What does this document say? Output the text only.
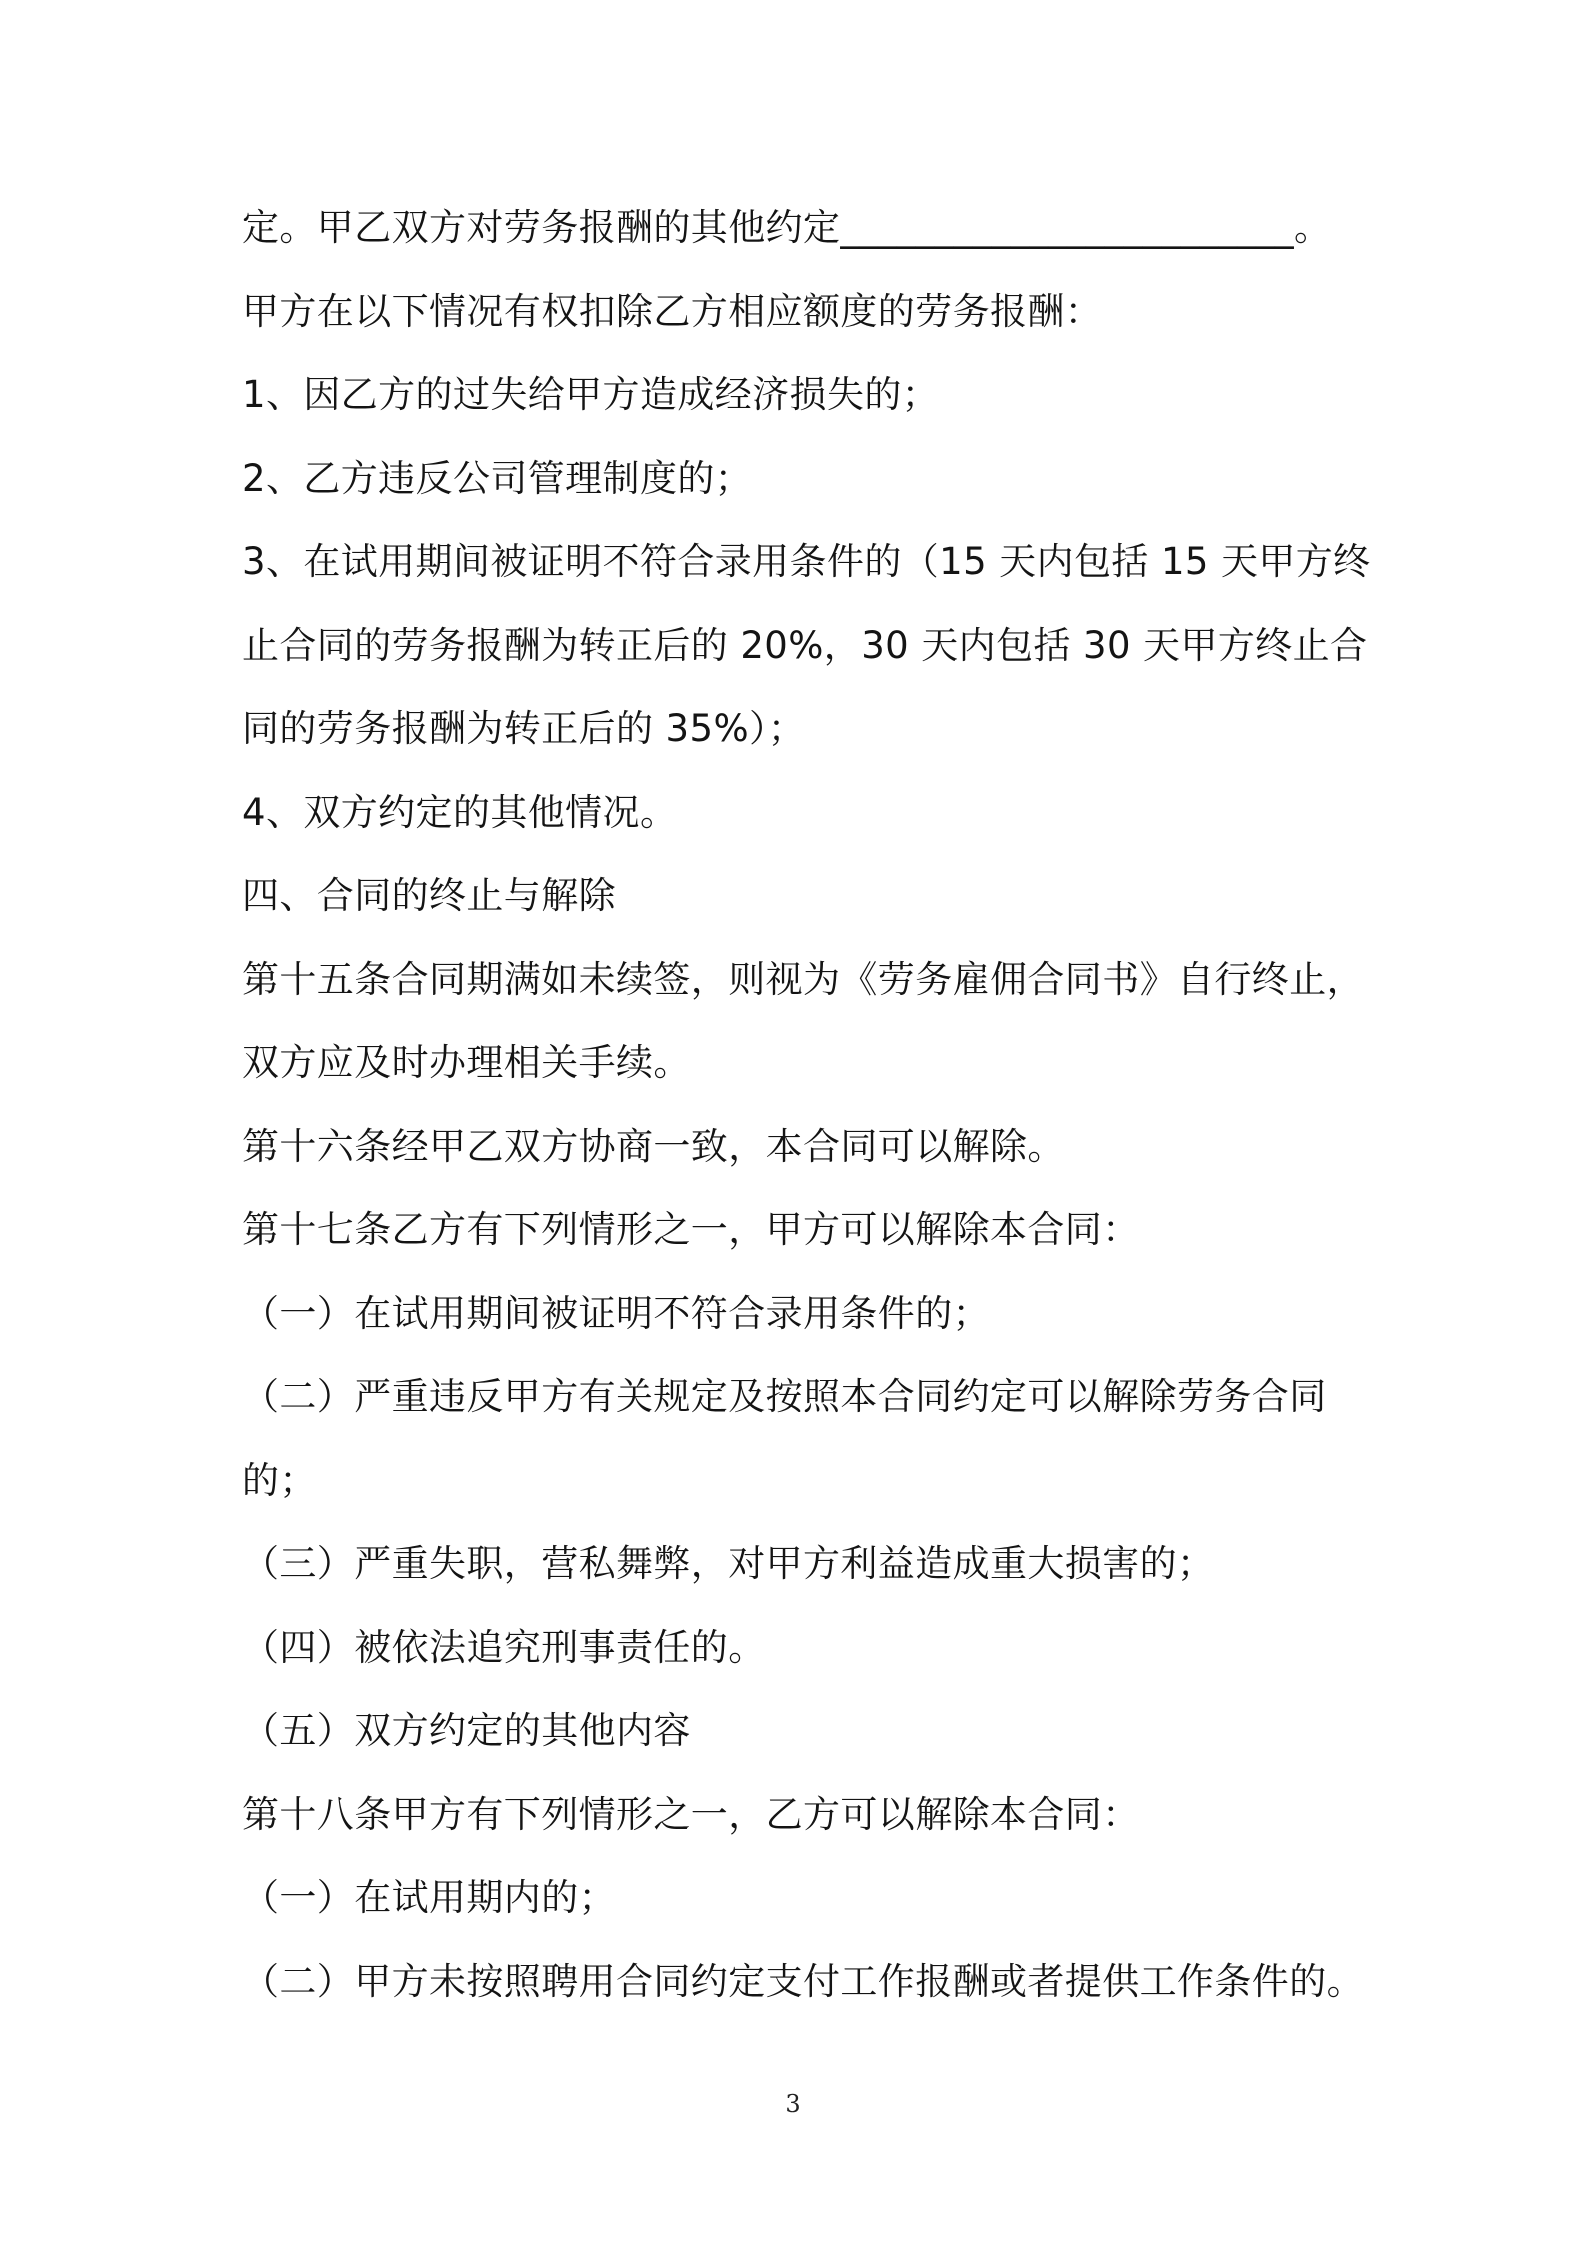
定。甲乙双方对劳务报酬的其他约定________________________。
甲方在以下情况有权扣除乙方相应额度的劳务报酬：
1、因乙方的过失给甲方造成经济损失的；
2、乙方违反公司管理制度的；
3、在试用期间被证明不符合录用条件的（15 天内包括 15 天甲方终
止合同的劳务报酬为转正后的 20%，30 天内包括 30 天甲方终止合
同的劳务报酬为转正后的 35%）；
4、双方约定的其他情况。
四、合同的终止与解除
第十五条合同期满如未续签，则视为《劳务雇佣合同书》自行终止，
双方应及时办理相关手续。
第十六条经甲乙双方协商一致，本合同可以解除。
第十七条乙方有下列情形之一，甲方可以解除本合同：
（一）在试用期间被证明不符合录用条件的；
（二）严重违反甲方有关规定及按照本合同约定可以解除劳务合同
的；
（三）严重失职，营私舞弊，对甲方利益造成重大损害的；
（四）被依法追究刑事责任的。
（五）双方约定的其他内容
第十八条甲方有下列情形之一，乙方可以解除本合同：
（一）在试用期内的；
（二）甲方未按照聘用合同约定支付工作报酬或者提供工作条件的。
3
